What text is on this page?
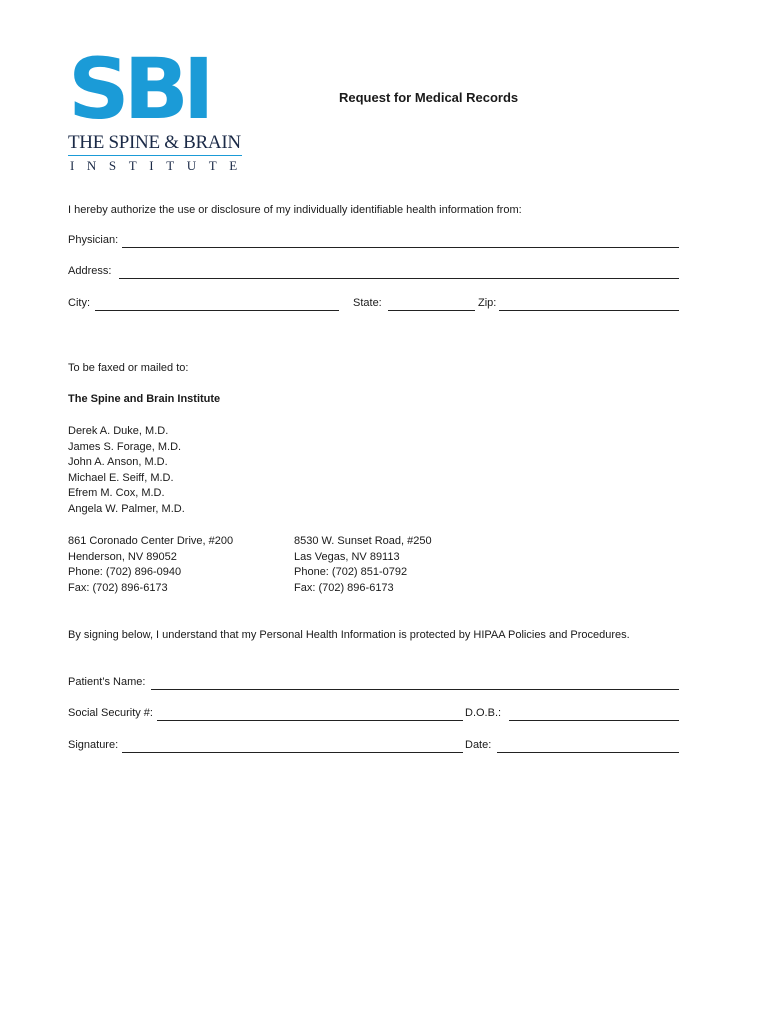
SBI
THE SPINE & BRAIN
INSTITUTE
Request for Medical Records
I hereby authorize the use or disclosure of my individually identifiable health information from:
Physician:
Address:
City:	State:	Zip:
To be faxed or mailed to:
The Spine and Brain Institute
Derek A. Duke, M.D.
James S. Forage, M.D.
John A. Anson, M.D.
Michael E. Seiff, M.D.
Efrem M. Cox, M.D.
Angela W. Palmer, M.D.
861 Coronado Center Drive, #200
Henderson, NV 89052
Phone: (702) 896-0940
Fax: (702) 896-6173
8530 W. Sunset Road, #250
Las Vegas, NV 89113
Phone: (702) 851-0792
Fax: (702) 896-6173
By signing below, I understand that my Personal Health Information is protected by HIPAA Policies and Procedures.
Patient’s Name:
Social Security #:	D.O.B.:
Signature:	Date:
